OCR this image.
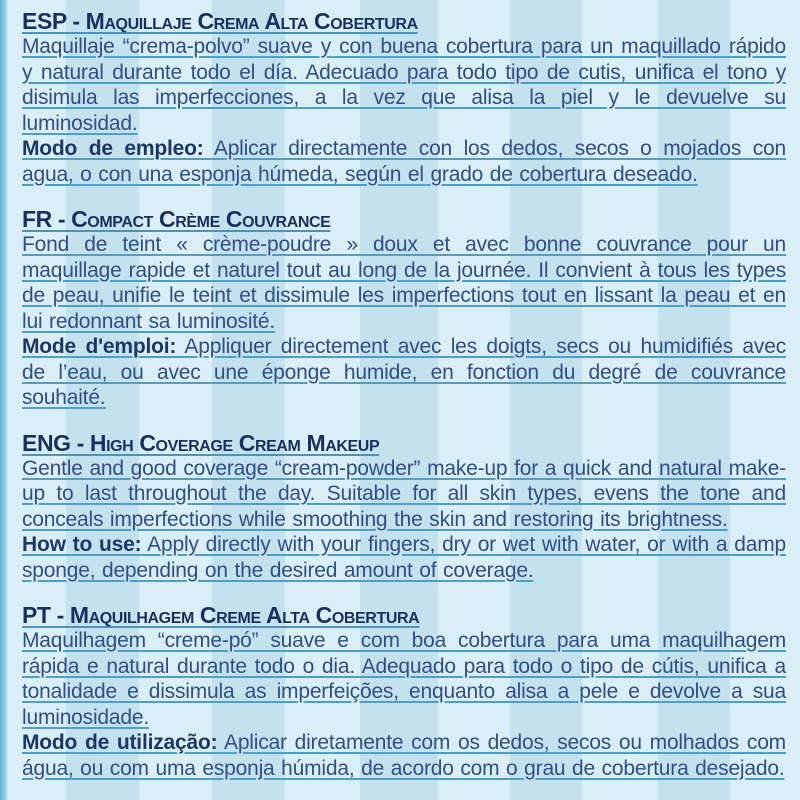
ESP - Maquillaje Crema Alta Cobertura

Maquillaje “crema-polvo” suave y con buena cobertura para un maquillado rápido y natural durante todo el día. Adecuado para todo tipo de cutis, unifica el tono y disimula las imperfecciones, a la vez que alisa la piel y le devuelve su luminosidad.

Modo de empleo: Aplicar directamente con los dedos, secos o mojados con agua, o con una esponja húmeda, según el grado de cobertura deseado.

FR - Compact Crème Couvrance

Fond de teint « crème-poudre » doux et avec bonne couvrance pour un maquillage rapide et naturel tout au long de la journée. Il convient à tous les types de peau, unifie le teint et dissimule les imperfections tout en lissant la peau et en lui redonnant sa luminosité.

Mode d'emploi: Appliquer directement avec les doigts, secs ou humidifiés avec de l’eau, ou avec une éponge humide, en fonction du degré de couvrance souhaité.

ENG - High Coverage Cream Makeup

Gentle and good coverage “cream-powder” make-up for a quick and natural make-up to last throughout the day. Suitable for all skin types, evens the tone and conceals imperfections while smoothing the skin and restoring its brightness.

How to use: Apply directly with your fingers, dry or wet with water, or with a damp sponge, depending on the desired amount of coverage.

PT - Maquilhagem Creme Alta Cobertura

Maquilhagem “creme-pó” suave e com boa cobertura para uma maquilhagem rápida e natural durante todo o dia. Adequado para todo o tipo de cútis, unifica a tonalidade e dissimula as imperfeições, enquanto alisa a pele e devolve a sua luminosidade.

Modo de utilização: Aplicar diretamente com os dedos, secos ou molhados com água, ou com uma esponja húmida, de acordo com o grau de cobertura desejado.
